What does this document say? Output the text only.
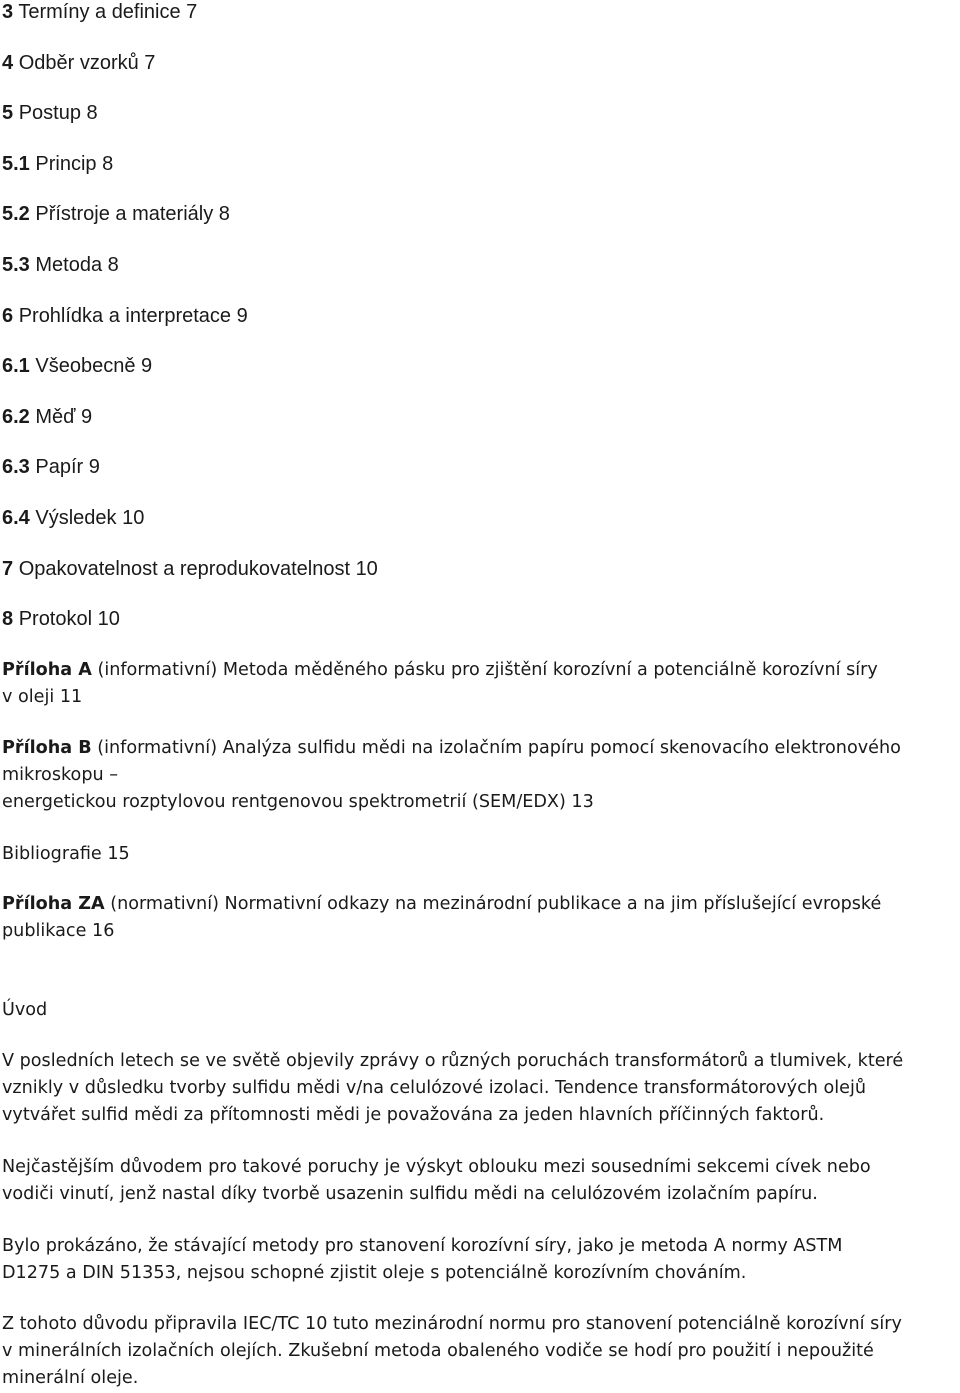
3 Termíny a definice 7
4 Odběr vzorků 7
5 Postup 8
5.1 Princip 8
5.2 Přístroje a materiály 8
5.3 Metoda 8
6 Prohlídka a interpretace 9
6.1 Všeobecně 9
6.2 Měď 9
6.3 Papír 9
6.4 Výsledek 10
7 Opakovatelnost a reprodukovatelnost 10
8 Protokol 10
Příloha A (informativní) Metoda měděného pásku pro zjištění korozívní a potenciálně korozívní síry
v oleji 11
Příloha B (informativní) Analýza sulfidu mědi na izolačním papíru pomocí skenovacího elektronového
mikroskopu –
energetickou rozptylovou rentgenovou spektrometrií (SEM/EDX) 13
Bibliografie 15
Příloha ZA (normativní) Normativní odkazy na mezinárodní publikace a na jim příslušející evropské
publikace 16
Úvod
V posledních letech se ve světě objevily zprávy o různých poruchách transformátorů a tlumivek, které
vznikly v důsledku tvorby sulfidu mědi v/na celulózové izolaci. Tendence transformátorových olejů
vytvářet sulfid mědi za přítomnosti mědi je považována za jeden hlavních příčinných faktorů.
Nejčastějším důvodem pro takové poruchy je výskyt oblouku mezi sousedními sekcemi cívek nebo
vodiči vinutí, jenž nastal díky tvorbě usazenin sulfidu mědi na celulózovém izolačním papíru.
Bylo prokázáno, že stávající metody pro stanovení korozívní síry, jako je metoda A normy ASTM
D1275 a DIN 51353, nejsou schopné zjistit oleje s potenciálně korozívním chováním.
Z tohoto důvodu připravila IEC/TC 10 tuto mezinárodní normu pro stanovení potenciálně korozívní síry
v minerálních izolačních olejích. Zkušební metoda obaleného vodiče se hodí pro použití i nepoužité
minerální oleje.
